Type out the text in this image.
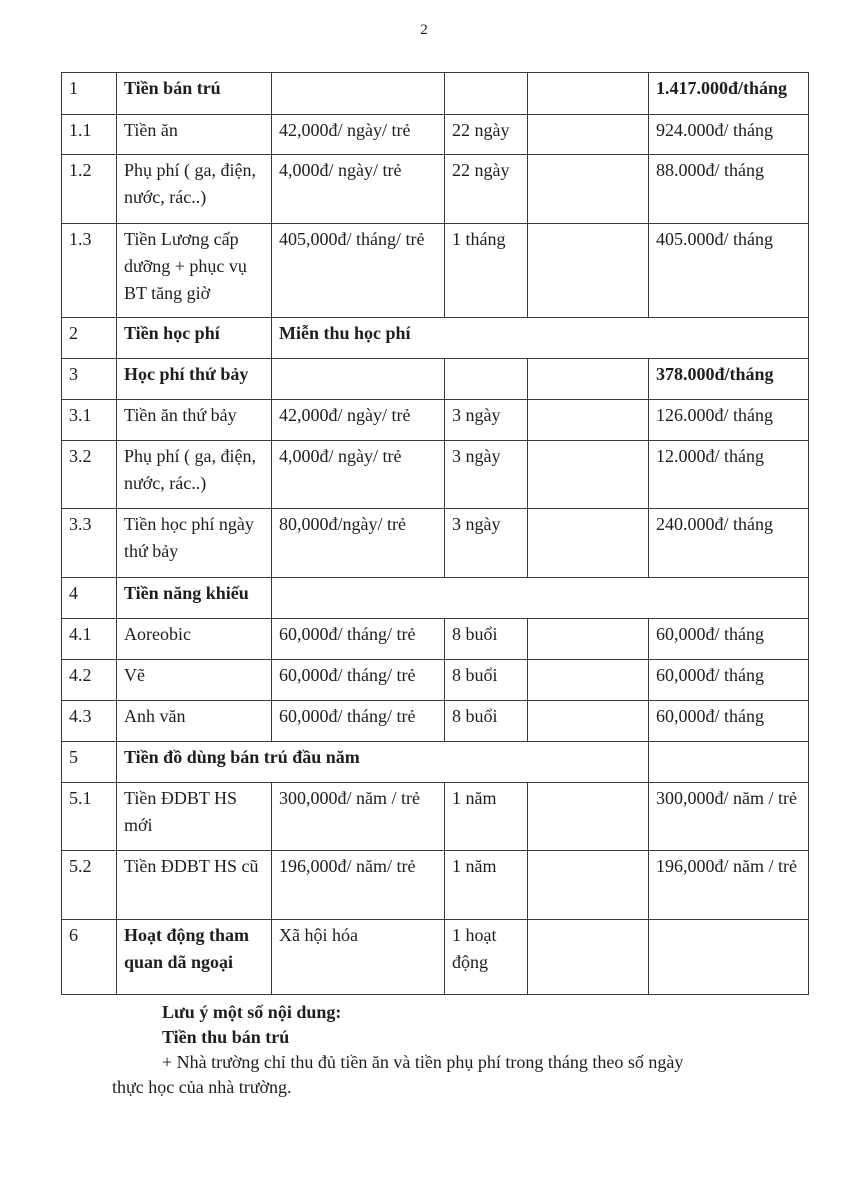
2
1	Tiền bán trú				1.417.000đ/tháng
1.1	Tiền ăn	42,000đ/ ngày/ trẻ	22 ngày		924.000đ/ tháng
1.2	Phụ phí ( ga, điện, nước, rác..)	4,000đ/ ngày/ trẻ	22 ngày		88.000đ/ tháng
1.3	Tiền Lương cấp dưỡng + phục vụ BT tăng giờ	405,000đ/ tháng/ trẻ	1 tháng		405.000đ/ tháng
2	Tiền học phí	Miễn thu học phí			
3	Học phí thứ bảy				378.000đ/tháng
3.1	Tiền ăn thứ bảy	42,000đ/ ngày/ trẻ	3 ngày		126.000đ/ tháng
3.2	Phụ phí ( ga, điện, nước, rác..)	4,000đ/ ngày/ trẻ	3 ngày		12.000đ/ tháng
3.3	Tiền học phí ngày thứ bảy	80,000đ/ngày/ trẻ	3 ngày		240.000đ/ tháng
4	Tiền năng khiếu				
4.1	Aoreobic	60,000đ/ tháng/ trẻ	8 buổi		60,000đ/ tháng
4.2	Vẽ	60,000đ/ tháng/ trẻ	8 buổi		60,000đ/ tháng
4.3	Anh văn	60,000đ/ tháng/ trẻ	8 buổi		60,000đ/ tháng
5	Tiền đồ dùng bán trú đầu năm				
5.1	Tiền ĐDBT HS mới	300,000đ/ năm / trẻ	1 năm		300,000đ/ năm / trẻ
5.2	Tiền ĐDBT HS cũ	196,000đ/ năm/ trẻ	1 năm		196,000đ/ năm / trẻ
6	Hoạt động tham quan dã ngoại	Xã hội hóa	1 hoạt động		
Lưu ý một số nội dung:
Tiền thu bán trú
+ Nhà trường chỉ thu đủ tiền ăn và tiền phụ phí trong tháng theo số ngày
thực học của nhà trường.
